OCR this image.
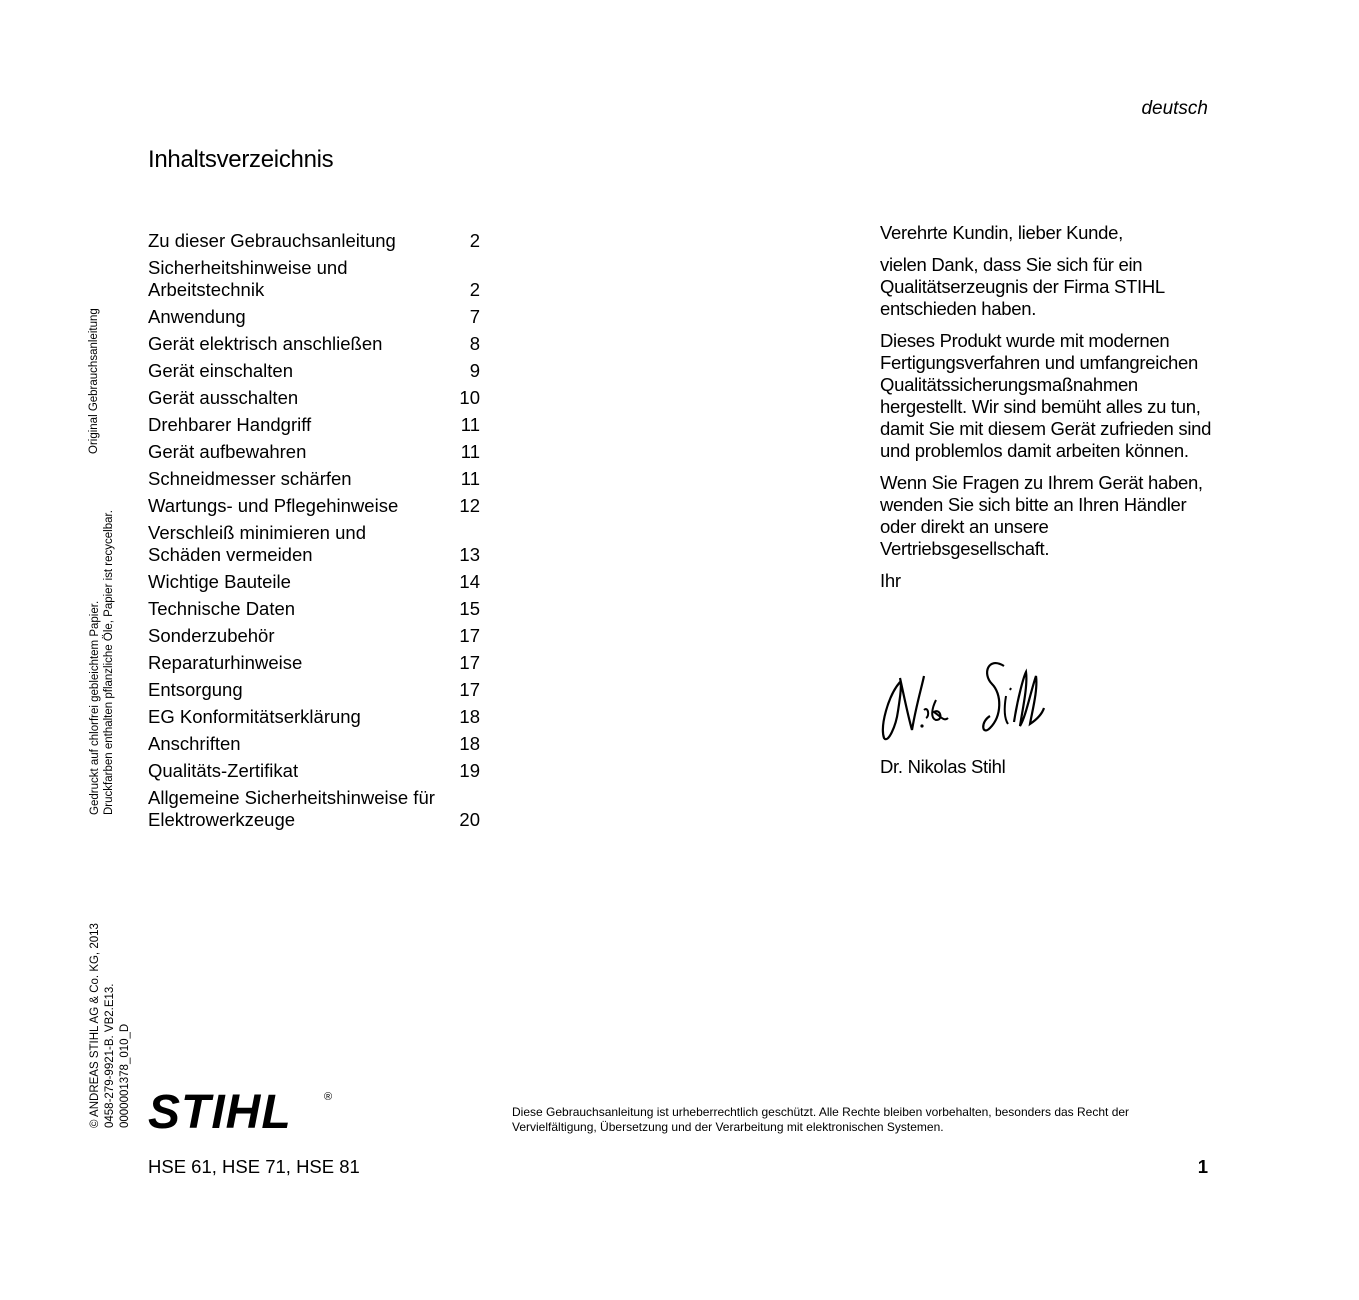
deutsch
Inhaltsverzeichnis
Zu dieser Gebrauchsanleitung	2
Sicherheitshinweise und
Arbeitstechnik	2
Anwendung	7
Gerät elektrisch anschließen	8
Gerät einschalten	9
Gerät ausschalten	10
Drehbarer Handgriff	11
Gerät aufbewahren	11
Schneidmesser schärfen	11
Wartungs- und Pflegehinweise	12
Verschleiß minimieren und
Schäden vermeiden	13
Wichtige Bauteile	14
Technische Daten	15
Sonderzubehör	17
Reparaturhinweise	17
Entsorgung	17
EG Konformitätserklärung	18
Anschriften	18
Qualitäts-Zertifikat	19
Allgemeine Sicherheitshinweise für
Elektrowerkzeuge	20
Original Gebrauchsanleitung
Gedruckt auf chlorfrei gebleichtem Papier.
Druckfarben enthalten pflanzliche Öle, Papier ist recycelbar.
© ANDREAS STIHL AG & Co. KG, 2013
0458-279-9921-B. VB2.E13.
0000001378_010_D

Verehrte Kundin, lieber Kunde,

vielen Dank, dass Sie sich für ein Qualitätserzeugnis der Firma STIHL entschieden haben.

Dieses Produkt wurde mit modernen Fertigungsverfahren und umfangreichen Qualitätssicherungsmaßnahmen hergestellt. Wir sind bemüht alles zu tun, damit Sie mit diesem Gerät zufrieden sind und problemlos damit arbeiten können.

Wenn Sie Fragen zu Ihrem Gerät haben, wenden Sie sich bitte an Ihren Händler oder direkt an unsere Vertriebsgesellschaft.

Ihr

Dr. Nikolas Stihl
STIHL	®
Diese Gebrauchsanleitung ist urheberrechtlich geschützt. Alle Rechte bleiben vorbehalten, besonders das Recht der
Vervielfältigung, Übersetzung und der Verarbeitung mit elektronischen Systemen.
HSE 61, HSE 71, HSE 81	1
